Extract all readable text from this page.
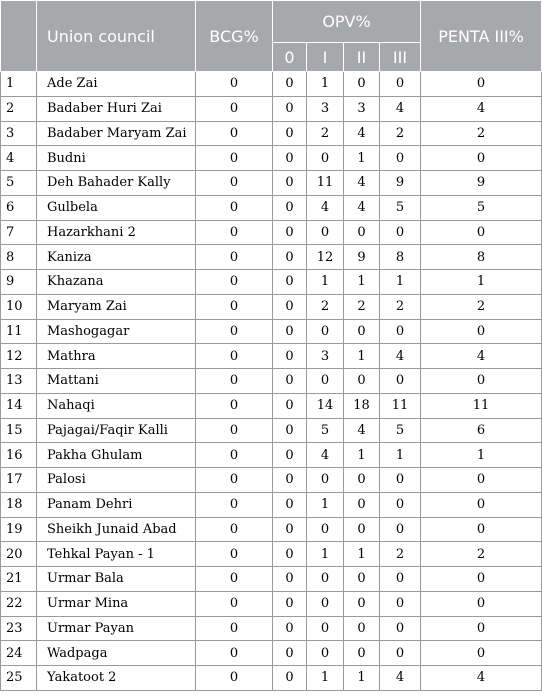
	Union council	BCG%	OPV%				PENTA III%
			0	I	II	III	
1	Ade Zai	0	0	1	0	0	0
2	Badaber Huri Zai	0	0	3	3	4	4
3	Badaber Maryam Zai	0	0	2	4	2	2
4	Budni	0	0	0	1	0	0
5	Deh Bahader Kally	0	0	11	4	9	9
6	Gulbela	0	0	4	4	5	5
7	Hazarkhani 2	0	0	0	0	0	0
8	Kaniza	0	0	12	9	8	8
9	Khazana	0	0	1	1	1	1
10	Maryam Zai	0	0	2	2	2	2
11	Mashogagar	0	0	0	0	0	0
12	Mathra	0	0	3	1	4	4
13	Mattani	0	0	0	0	0	0
14	Nahaqi	0	0	14	18	11	11
15	Pajagai/Faqir Kalli	0	0	5	4	5	6
16	Pakha Ghulam	0	0	4	1	1	1
17	Palosi	0	0	0	0	0	0
18	Panam Dehri	0	0	1	0	0	0
19	Sheikh Junaid Abad	0	0	0	0	0	0
20	Tehkal Payan - 1	0	0	1	1	2	2
21	Urmar Bala	0	0	0	0	0	0
22	Urmar Mina	0	0	0	0	0	0
23	Urmar Payan	0	0	0	0	0	0
24	Wadpaga	0	0	0	0	0	0
25	Yakatoot 2	0	0	1	1	4	4
